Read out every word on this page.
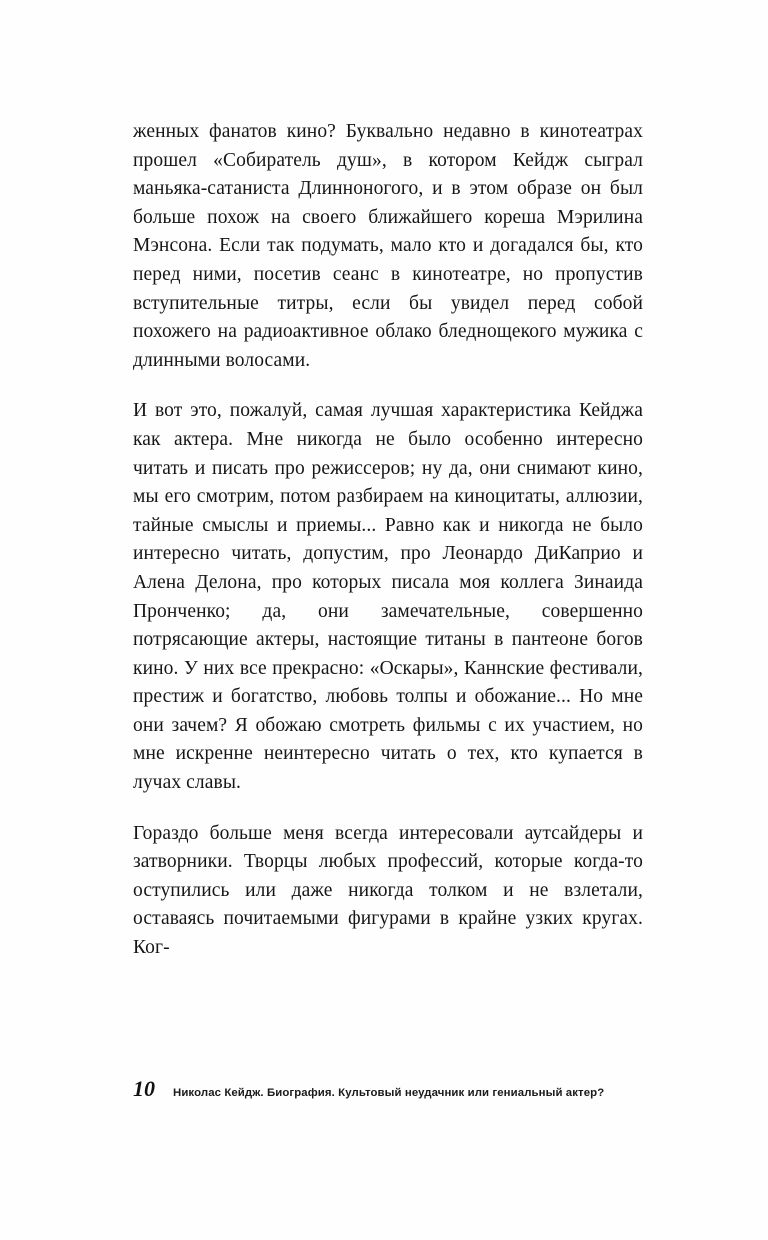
женных фанатов кино? Буквально недавно в кинотеатрах прошел «Собиратель душ», в котором Кейдж сыграл маньяка-сатаниста Длинноногого, и в этом образе он был больше похож на своего ближайшего кореша Мэрилина Мэнсона. Если так подумать, мало кто и догадался бы, кто перед ними, посетив сеанс в кинотеатре, но пропустив вступительные титры, если бы увидел перед собой похожего на радиоактивное облако бледнощекого мужика с длинными волосами.

И вот это, пожалуй, самая лучшая характеристика Кейджа как актера. Мне никогда не было особенно интересно читать и писать про режиссеров; ну да, они снимают кино, мы его смотрим, потом разбираем на киноцитаты, аллюзии, тайные смыслы и приемы... Равно как и никогда не было интересно читать, допустим, про Леонардо ДиКаприо и Алена Делона, про которых писала моя коллега Зинаида Пронченко; да, они замечательные, совершенно потрясающие актеры, настоящие титаны в пантеоне богов кино. У них все прекрасно: «Оскары», Каннские фестивали, престиж и богатство, любовь толпы и обожание... Но мне они зачем? Я обожаю смотреть фильмы с их участием, но мне искренне неинтересно читать о тех, кто купается в лучах славы.

Гораздо больше меня всегда интересовали аутсайдеры и затворники. Творцы любых профессий, которые когда-то оступились или даже никогда толком и не взлетали, оставаясь почитаемыми фигурами в крайне узких кругах. Ког-

10	Николас Кейдж. Биография. Культовый неудачник или гениальный актер?
